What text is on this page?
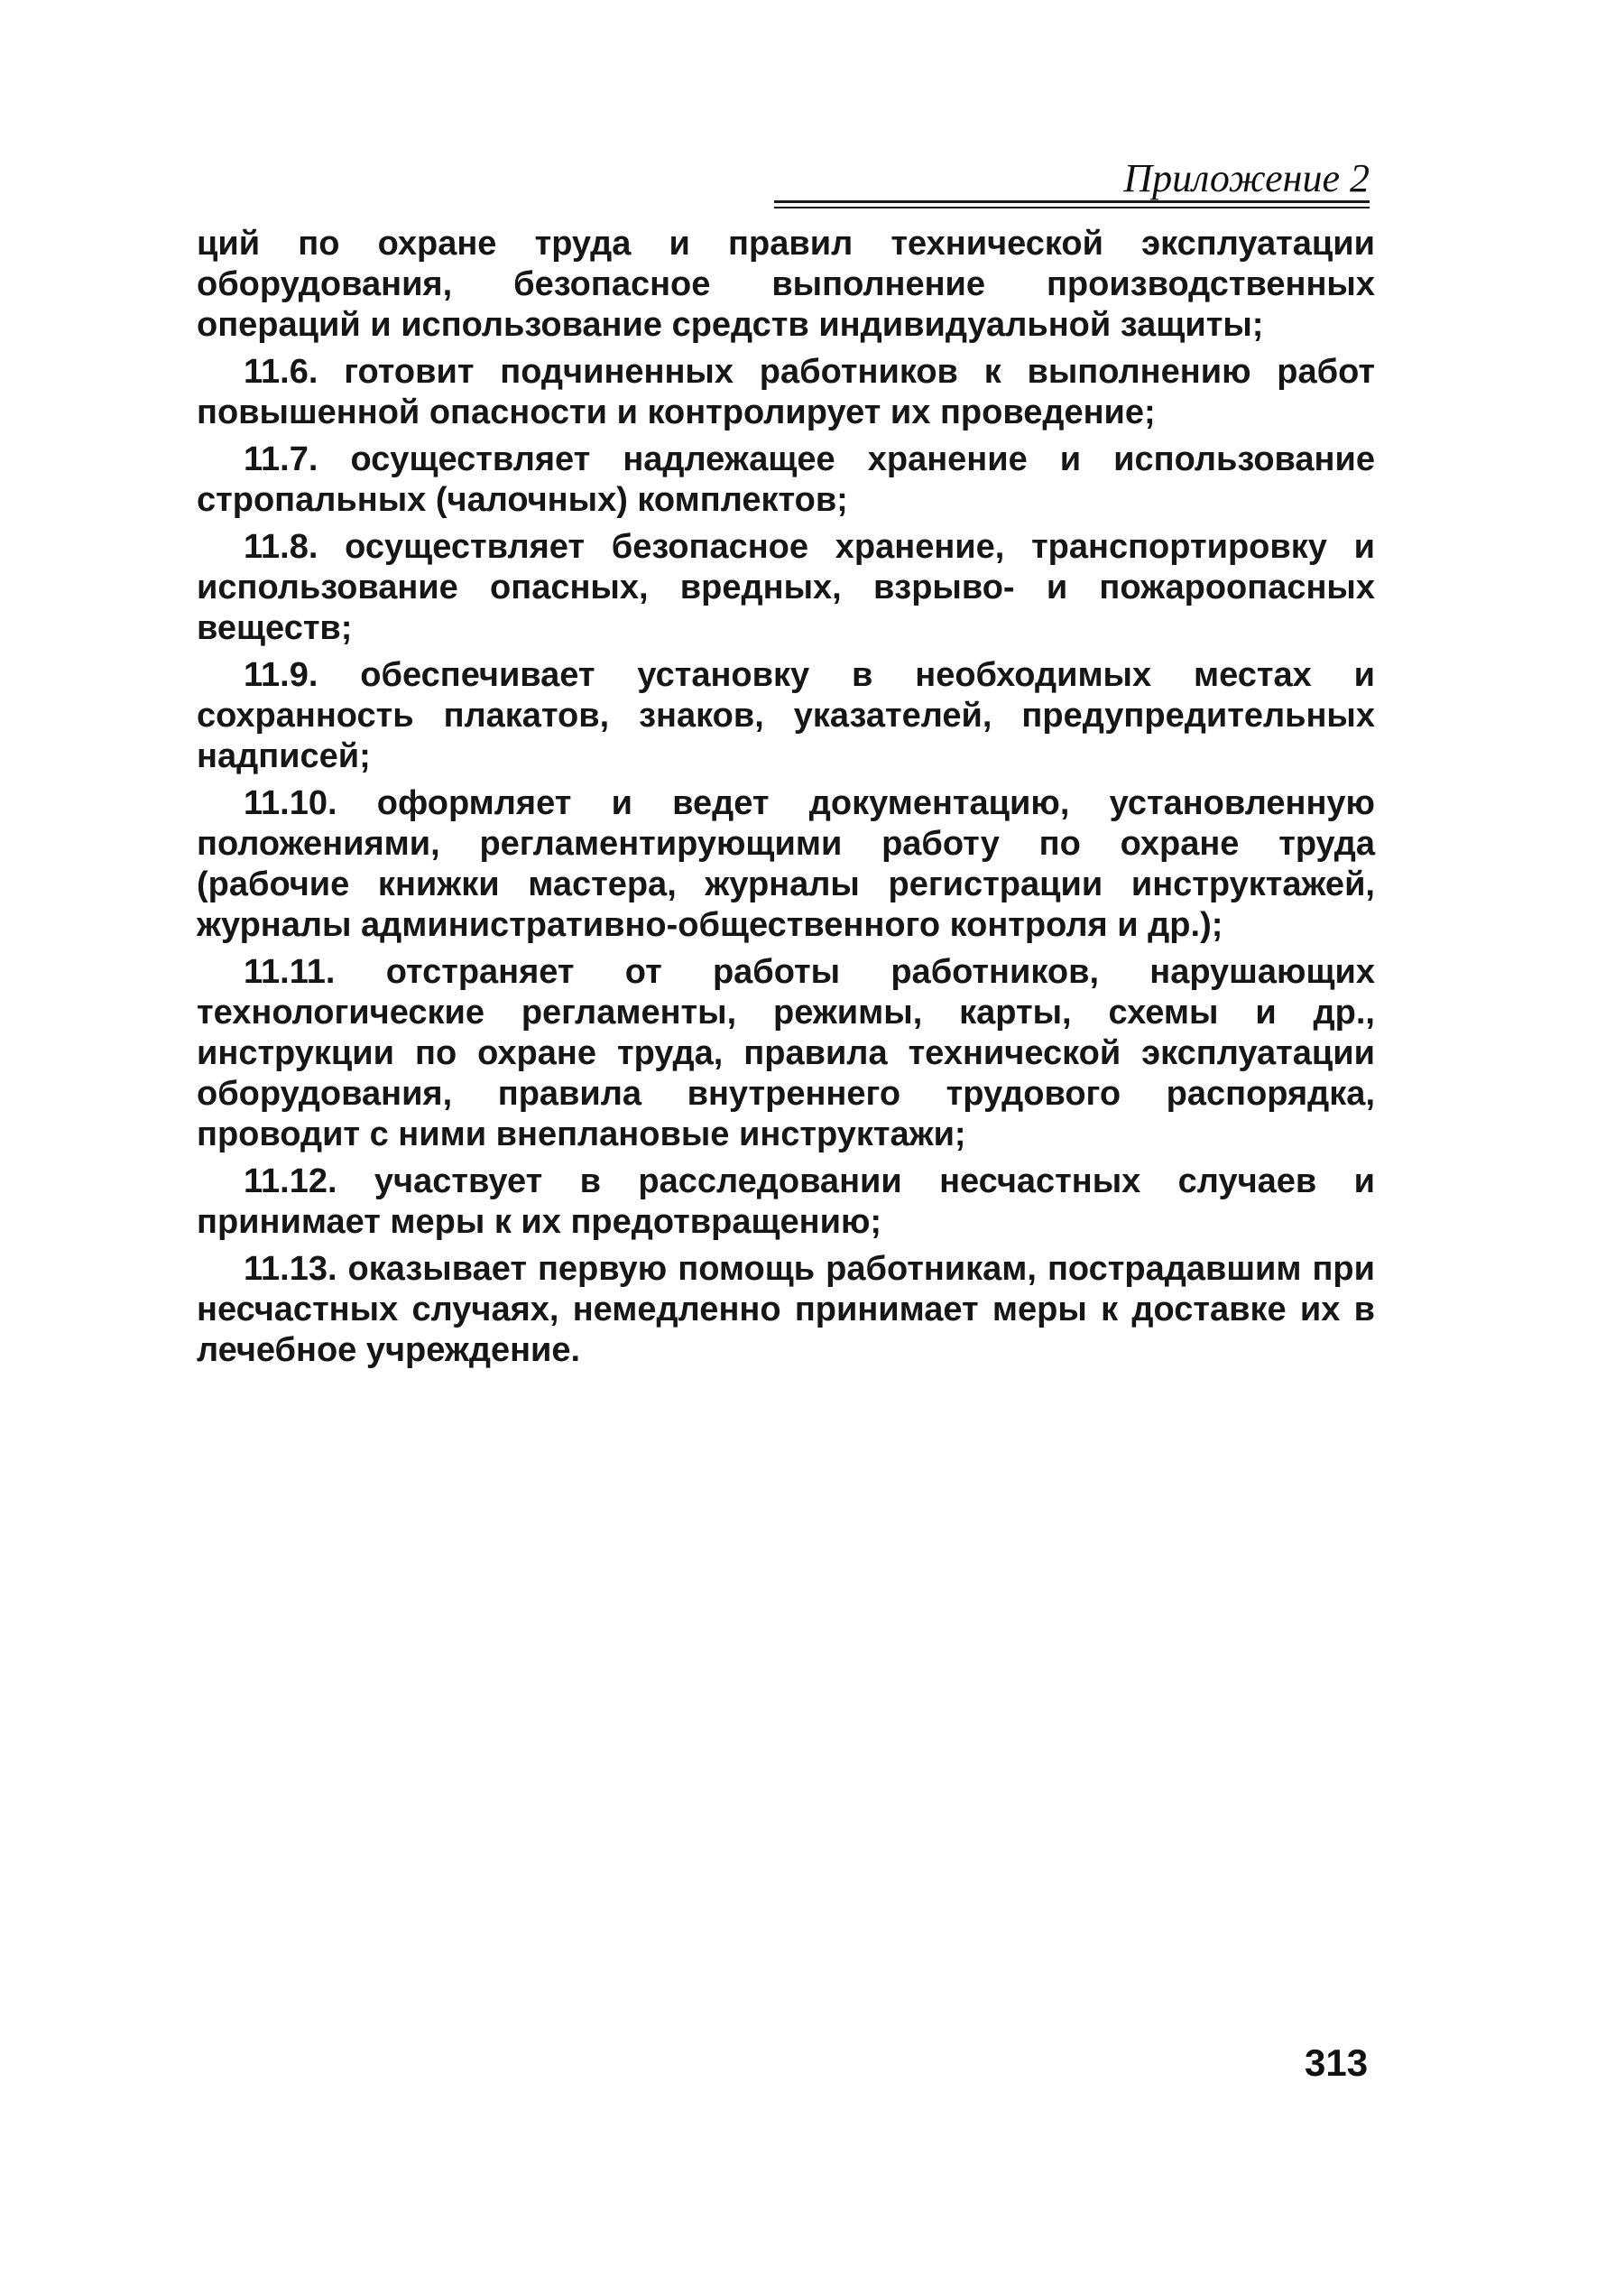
Приложение 2

ций по охране труда и правил технической эксплуатации оборудования, безопасное выполнение производственных операций и использование средств индивидуальной защиты;

11.6. готовит подчиненных работников к выполнению работ повышенной опасности и контролирует их проведение;

11.7. осуществляет надлежащее хранение и использование стропальных (чалочных) комплектов;

11.8. осуществляет безопасное хранение, транспортировку и использование опасных, вредных, взрыво- и пожароопасных веществ;

11.9. обеспечивает установку в необходимых местах и сохранность плакатов, знаков, указателей, предупредительных надписей;

11.10. оформляет и ведет документацию, установленную положениями, регламентирующими работу по охране труда (рабочие книжки мастера, журналы регистрации инструктажей, журналы административно-общественного контроля и др.);

11.11. отстраняет от работы работников, нарушающих технологические регламенты, режимы, карты, схемы и др., инструкции по охране труда, правила технической эксплуатации оборудования, правила внутреннего трудового распорядка, проводит с ними внеплановые инструктажи;

11.12. участвует в расследовании несчастных случаев и принимает меры к их предотвращению;

11.13. оказывает первую помощь работникам, пострадавшим при несчастных случаях, немедленно принимает меры к доставке их в лечебное учреждение.

313
